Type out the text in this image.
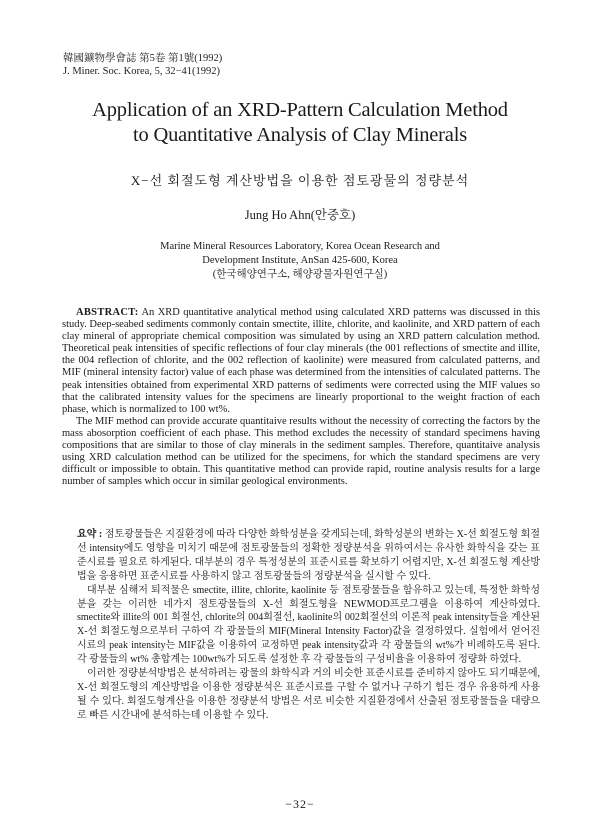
韓國鑛物學會誌 第5卷 第1號(1992)
J. Miner. Soc. Korea, 5, 32−41(1992)
Application of an XRD-Pattern Calculation Method
to Quantitative Analysis of Clay Minerals
X−선 회절도형 계산방법을 이용한 점토광물의 정량분석
Jung Ho Ahn(안중호)
Marine Mineral Resources Laboratory, Korea Ocean Research and
Development Institute, AnSan 425-600, Korea
(한국해양연구소, 해양광물자원연구실)

ABSTRACT: An XRD quantitative analytical method using calculated XRD patterns was discussed in this study. Deep-seabed sediments commonly contain smectite, illite, chlorite, and kaolinite, and XRD pattern of each clay mineral of appropriate chemical composition was simulated by using an XRD pattern calculation method. Theoretical peak intensities of specific reflections of four clay minerals (the 001 reflections of smectite and illite, the 004 reflection of chlorite, and the 002 reflection of kaolinite) were measured from calculated patterns, and MIF (mineral intensity factor) value of each phase was determined from the intensities of calculated patterns. The peak intensities obtained from experimental XRD patterns of sediments were corrected using the MIF values so that the calibrated intensity values for the specimens are linearly proportional to the weight fraction of each phase, which is normalized to 100 wt%.

The MIF method can provide accurate quantitaive results without the necessity of correcting the factors by the mass abosorption coefficient of each phase. This method excludes the necessity of standard specimens having compositions that are similar to those of clay minerals in the sediment samples. Therefore, quantitaive analysis using XRD calculation method can be utilized for the specimens, for which the standard specimens are very difficult or impossible to obtain. This quantitative method can provide rapid, routine analysis results for a large number of samples which occur in similar geological environments.

요약 : 점토광물들은 지질환경에 따라 다양한 화학성분을 갖게되는데, 화학성분의 변화는 X-선 회절도형 회절선 intensity에도 영향을 미치기 때문에 점토광물들의 정확한 정량분석을 위하여서는 유사한 화학식을 갖는 표준시료를 필요로 하게된다. 대부분의 경우 특정성분의 표준시료를 확보하기 어렵지만, X-선 회절도형 계산방법을 응용하면 표준시료를 사용하지 않고 점토광물들의 정량분석을 실시할 수 있다.

대부분 심해저 퇴적물은 smectite, illite, chlorite, kaolinite 등 점토광물들을 함유하고 있는데, 특정한 화학성분을 갖는 이러한 네가지 점토광물들의 X-선 회절도형을 NEWMOD프로그램을 이용하여 계산하였다. smectite와 illite의 001 회절선, chlorite의 004회절선, kaolinite의 002회절선의 이론적 peak intensity들을 계산된 X-선 회절도형으로부터 구하여 각 광물들의 MIF(Mineral Intensity Factor)값을 결정하였다. 실험에서 얻어진 시료의 peak intensity는 MIF값을 이용하여 교정하면 peak intensity값과 각 광물들의 wt%가 비례하도록 된다. 각 광물들의 wt% 총합계는 100wt%가 되도록 설정한 후 각 광물들의 구성비율을 이용하여 정량화 하였다.

이러한 정량분석방법은 분석하려는 광물의 화학식과 거의 비슷한 표준시료를 준비하지 않아도 되기때문에, X-선 회절도형의 계산방법을 이용한 정량분석은 표준시료를 구할 수 없거나 구하기 힘든 경우 유용하게 사용될 수 있다. 회절도형계산을 이용한 정량분석 방법은 서로 비슷한 지질환경에서 산출된 점토광물들을 대량으로 빠른 시간내에 분석하는데 이용할 수 있다.

−32−
